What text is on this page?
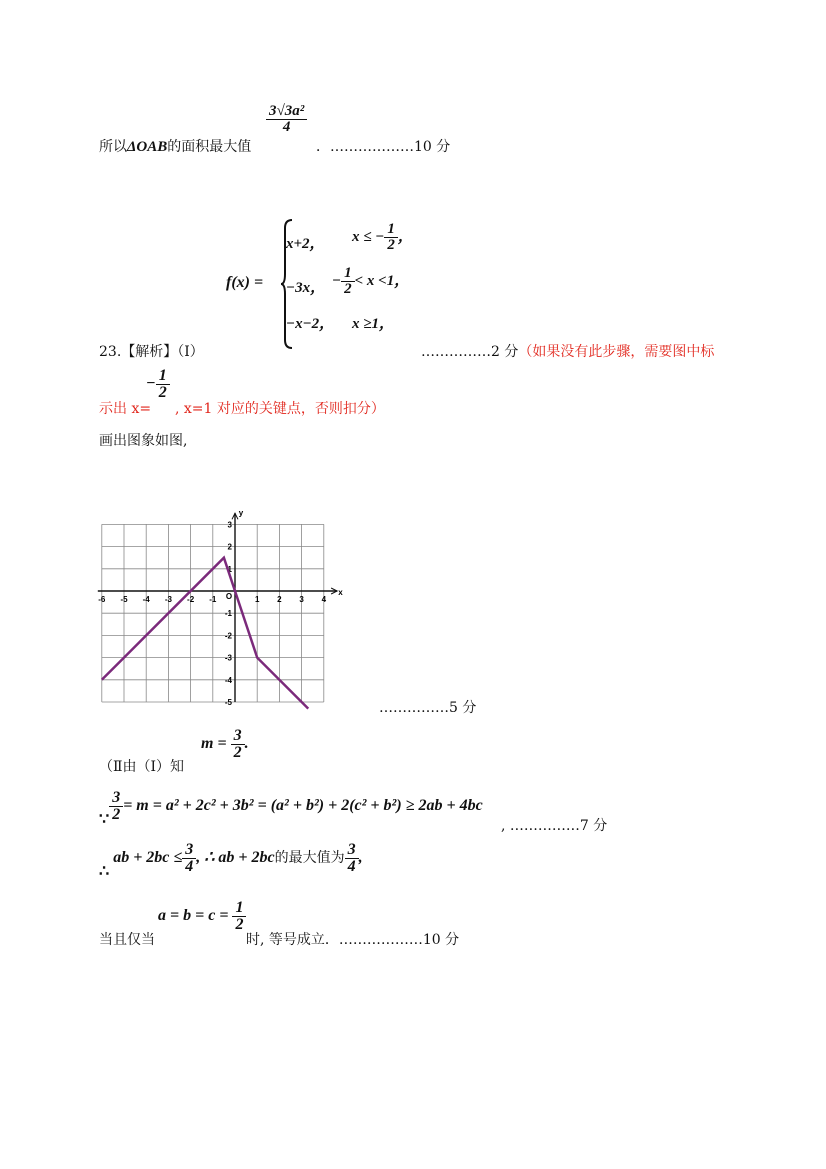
所以ΔOAB的面积最大值
$\frac{\text{3√3a²}}{4}$
．………………10 分
f(x) =
x+2， x ≤ − $\frac{1}{2}$ ，
−3x， − $\frac{1}{2} < x <1$，
−x−2， x ≥1，
23.【解析】（Ⅰ）	……………2 分（如果没有此步骤，需要图中标
示出 x=
− $\frac{1}{2}$
, x=1 对应的关键点，否则扣分）
画出图象如图,
-6 -5 -4 -3 -2 -1	1 2 3 4
3
2
1
-1
-2
-3
-4
-5
O	x
y
……………5 分
（Ⅱ由（Ⅰ）知
$m = \frac{3}{2}$ .
∵ $\frac{3}{2} = m = a^2 + 2c^2 + 3b^2 = (a^2 + b^2) + 2(c^2 + b^2) \ge 2ab + 4bc$
, ……………7 分
∴ ab + $2bc \le \frac{3}{4}$ , ∴ ab + 2bc的最大值为 $\frac{3}{4}$ ,
当且仅当
$a = b = c = \frac{1}{2}$
时, 等号成立．………………10 分
